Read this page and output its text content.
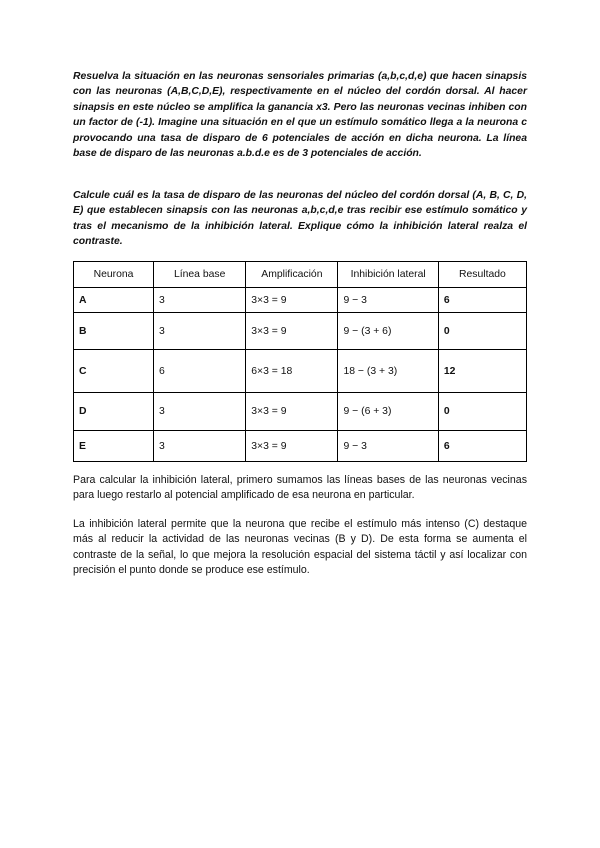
Resuelva la situación en las neuronas sensoriales primarias (a,b,c,d,e) que hacen sinapsis con las neuronas (A,B,C,D,E), respectivamente en el núcleo del cordón dorsal. Al hacer sinapsis en este núcleo se amplifica la ganancia x3. Pero las neuronas vecinas inhiben con un factor de (-1). Imagine una situación en el que un estímulo somático llega a la neurona c provocando una tasa de disparo de 6 potenciales de acción en dicha neurona. La línea base de disparo de las neuronas a.b.d.e es de 3 potenciales de acción.

Calcule cuál es la tasa de disparo de las neuronas del núcleo del cordón dorsal (A, B, C, D, E) que establecen sinapsis con las neuronas a,b,c,d,e tras recibir ese estímulo somático y tras el mecanismo de la inhibición lateral. Explique cómo la inhibición lateral realza el contraste.

Neurona	Línea base	Amplificación	Inhibición lateral	Resultado
A	3	3×3 = 9	9 − 3	6
B	3	3×3 = 9	9 − (3 + 6)	0
C	6	6×3 = 18	18 − (3 + 3)	12
D	3	3×3 = 9	9 − (6 + 3)	0
E	3	3×3 = 9	9 − 3	6

Para calcular la inhibición lateral, primero sumamos las líneas bases de las neuronas vecinas para luego restarlo al potencial amplificado de esa neurona en particular.

La inhibición lateral permite que la neurona que recibe el estímulo más intenso (C) destaque más al reducir la actividad de las neuronas vecinas (B y D). De esta forma se aumenta el contraste de la señal, lo que mejora la resolución espacial del sistema táctil y así localizar con precisión el punto donde se produce ese estímulo.
